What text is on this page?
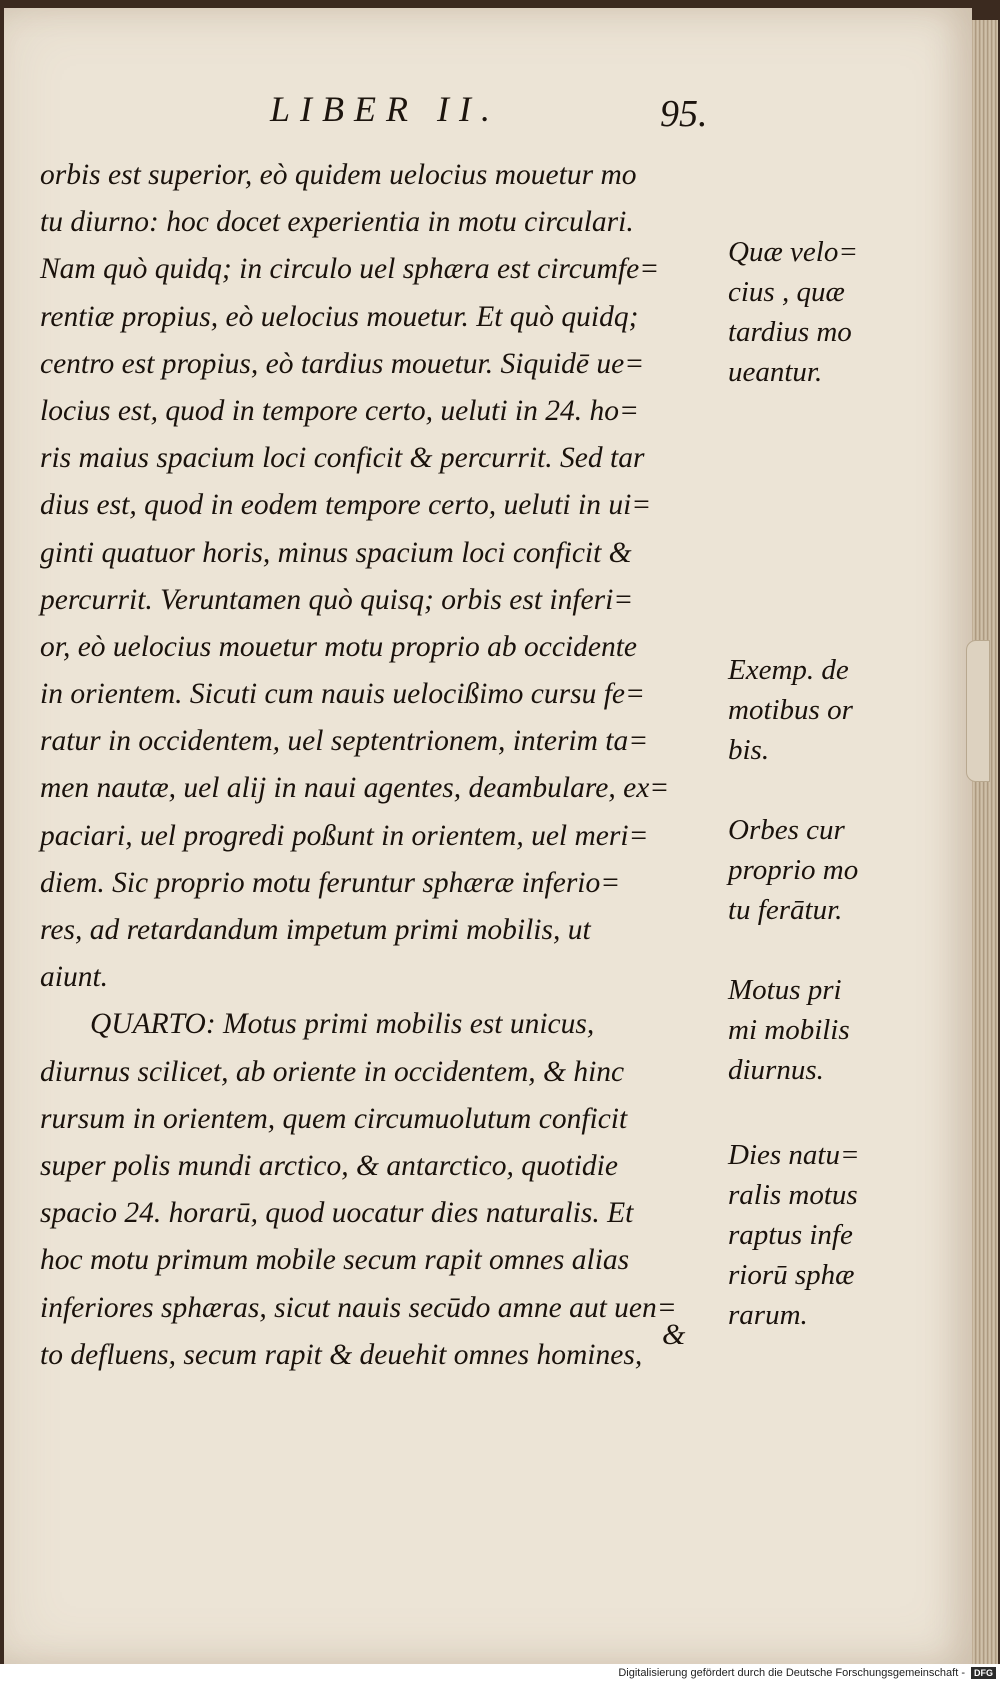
LIBER II.	95.
orbis est superior, eò quidem uelocius mouetur mo
tu diurno: hoc docet experientia in motu circulari.
Nam quò quidq; in circulo uel sphæra est circumfe=
rentiæ propius, eò uelocius mouetur. Et quò quidq;
centro est propius, eò tardius mouetur. Siquidē ue=
locius est, quod in tempore certo, ueluti in 24. ho=
ris maius spacium loci conficit & percurrit. Sed tar
dius est, quod in eodem tempore certo, ueluti in ui=
ginti quatuor horis, minus spacium loci conficit &
percurrit. Veruntamen quò quisq; orbis est inferi=
or, eò uelocius mouetur motu proprio ab occidente
in orientem. Sicuti cum nauis uelocißimo cursu fe=
ratur in occidentem, uel septentrionem, interim ta=
men nautæ, uel alij in naui agentes, deambulare, ex=
paciari, uel progredi poßunt in orientem, uel meri=
diem. Sic proprio motu feruntur sphæræ inferio=
res, ad retardandum impetum primi mobilis, ut
aiunt.
QUARTO: Motus primi mobilis est unicus,
diurnus scilicet, ab oriente in occidentem, & hinc
rursum in orientem, quem circumuolutum conficit
super polis mundi arctico, & antarctico, quotidie
spacio 24. horarū, quod uocatur dies naturalis. Et
hoc motu primum mobile secum rapit omnes alias
inferiores sphæras, sicut nauis secūdo amne aut uen=
to defluens, secum rapit & deuehit omnes homines,
&
Quæ velo=
cius , quæ
tardius mo
ueantur.
Exemp. de
motibus or
bis.
Orbes cur
proprio mo
tu ferātur.
Motus pri
mi mobilis
diurnus.
Dies natu=
ralis motus
raptus infe
riorū sphæ
rarum.
Digitalisierung gefördert durch die Deutsche Forschungsgemeinschaft - DFG
